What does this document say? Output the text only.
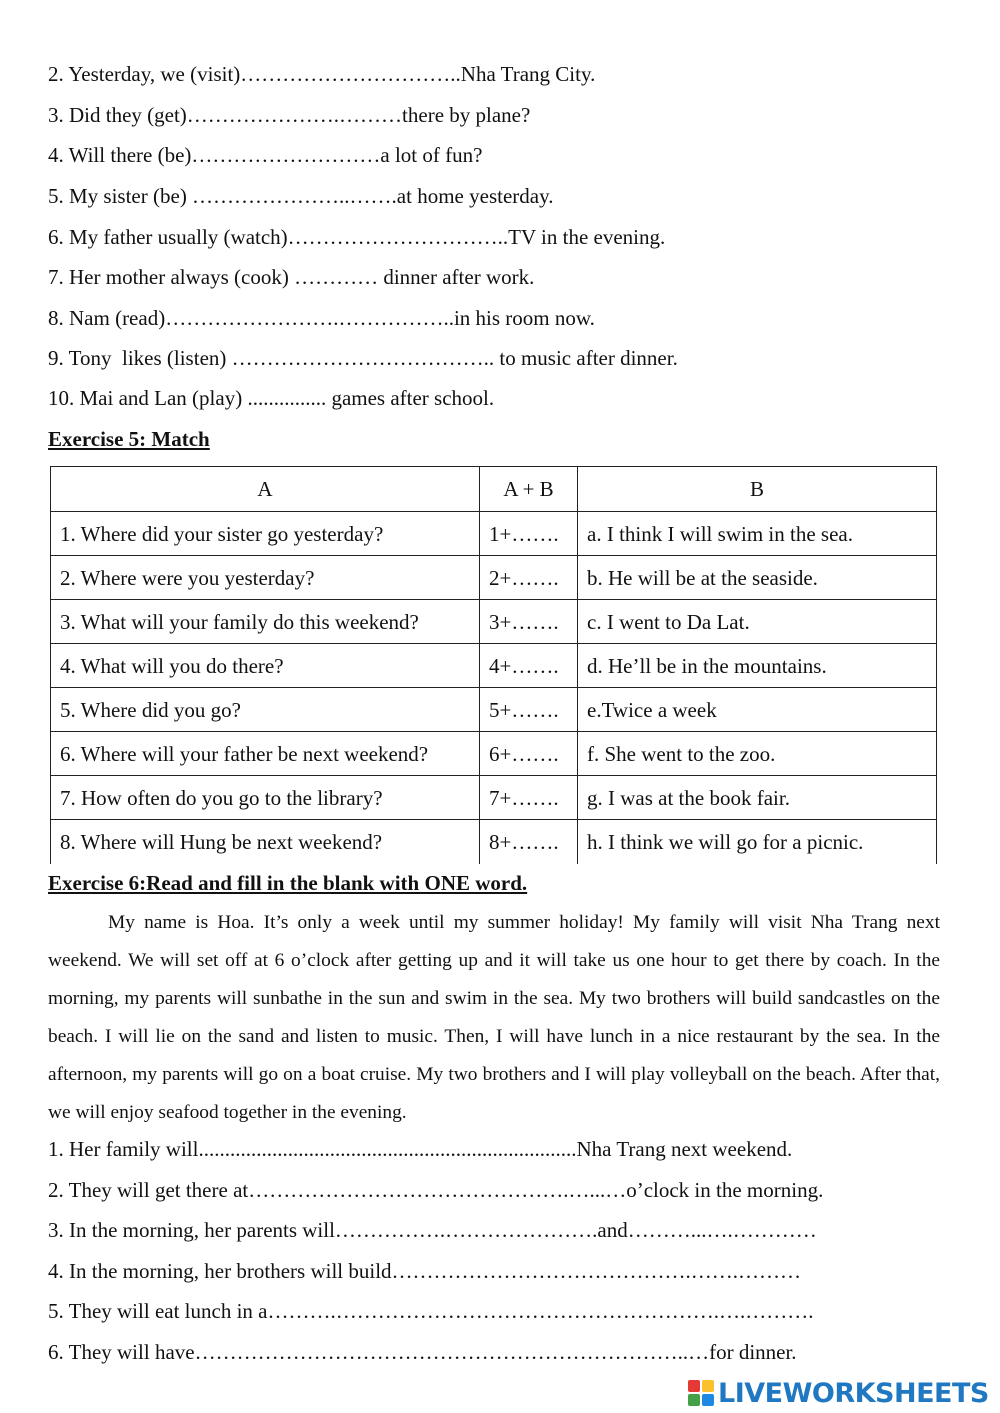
2. Yesterday, we (visit)…………………………..Nha Trang City.
3. Did they (get)………………….………there by plane?
4. Will there (be)………………………a lot of fun?
5. My sister (be) …………………..…….at home yesterday.
6. My father usually (watch)…………………………..TV in the evening.
7. Her mother always (cook) ………… dinner after work.
8. Nam (read)…………………….……………..in his room now.
9. Tony  likes (listen) ……………………………….. to music after dinner.
10. Mai and Lan (play) ............... games after school.
Exercise 5: Match
A	A + B	B
1. Where did your sister go yesterday?	1+…….	a. I think I will swim in the sea.
2. Where were you yesterday?	2+…….	b. He will be at the seaside.
3. What will your family do this weekend?	3+…….	c. I went to Da Lat.
4. What will you do there?	4+…….	d. He’ll be in the mountains.
5. Where did you go?	5+…….	e.Twice a week
6. Where will your father be next weekend?	6+…….	f. She went to the zoo.
7. How often do you go to the library?	7+…….	g. I was at the book fair.
8. Where will Hung be next weekend?	8+…….	h. I think we will go for a picnic.
Exercise 6:Read and fill in the blank with ONE word.
My name is Hoa. It’s only a week until my summer holiday! My family will visit Nha Trang next weekend. We will set off at 6 o’clock after getting up and it will take us one hour to get there by coach. In the morning, my parents will sunbathe in the sun and swim in the sea. My two brothers will build sandcastles on the beach. I will lie on the sand and listen to music. Then, I will have lunch in a nice restaurant by the sea. In the afternoon, my parents will go on a boat cruise. My two brothers and I will play volleyball on the beach. After that, we will enjoy seafood together in the evening.
1. Her family will........................................................................Nha Trang next weekend.
2. They will get there at……………………………………….…...…o’clock in the morning.
3. In the morning, her parents will…………….………………….and………...….…………
4. In the morning, her brothers will build…………………………………….…….………
5. They will eat lunch in a……….……………………………………………….….……….
6. They will have……………………………………………………………..…for dinner.
LIVEWORKSHEETS
